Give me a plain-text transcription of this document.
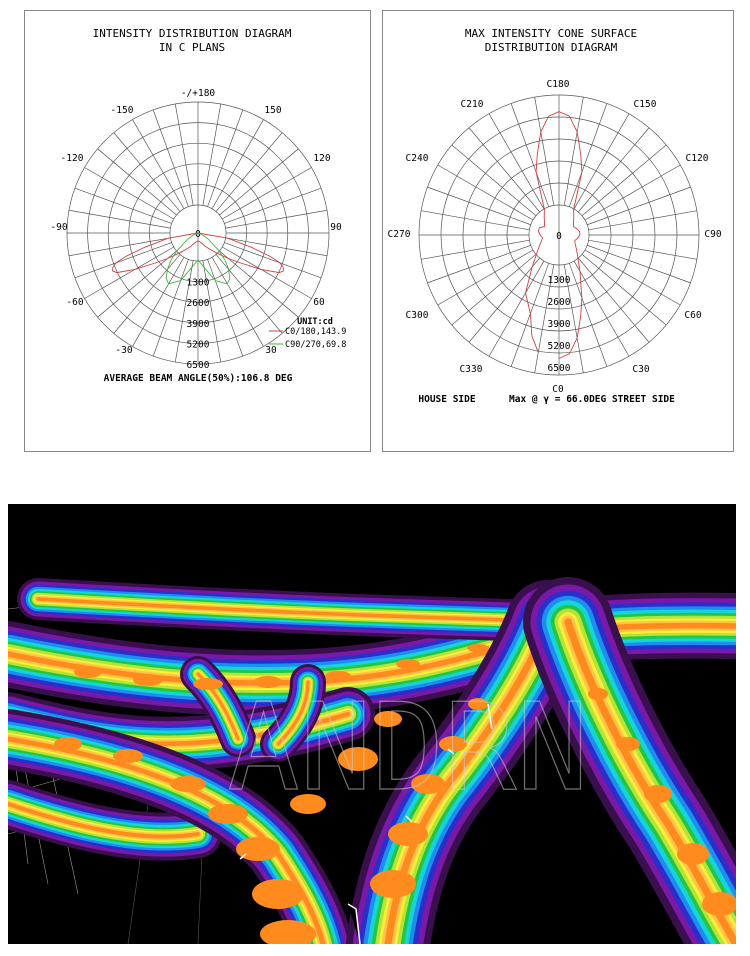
INTENSITY DISTRIBUTION DIAGRAM
IN C PLANS
-/+180
-150	150
-120	120
-90	90
-60	60
-30	30
0
1300
2600
3900
5200
6500
UNIT:cd
C0/180,143.9
C90/270,69.8
AVERAGE BEAM ANGLE(50%):106.8 DEG
MAX INTENSITY CONE SURFACE
DISTRIBUTION DIAGRAM
C180
C210	C150
C240	C120
C270	C90
C300	C60
C330	C30
C0
0
1300
2600
3900
5200
6500
HOUSE SIDE	Max @ γ = 66.0DEG STREET SIDE
ANDRN
